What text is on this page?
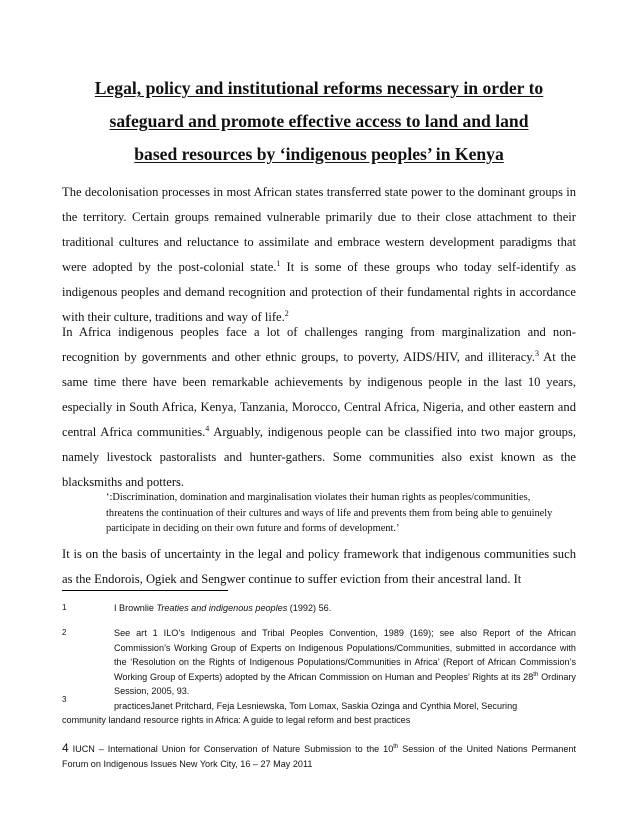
Legal, policy and institutional reforms necessary in order to
safeguard and promote effective access to land and land
based resources by ‘indigenous peoples’ in Kenya
The decolonisation processes in most African states transferred state power to the dominant groups in the territory. Certain groups remained vulnerable primarily due to their close attachment to their traditional cultures and reluctance to assimilate and embrace western development paradigms that were adopted by the post-colonial state.$^1$ It is some of these groups who today self-identify as indigenous peoples and demand recognition and protection of their fundamental rights in accordance with their culture, traditions and way of life.$^2$
In Africa indigenous peoples face a lot of challenges ranging from marginalization and non-recognition by governments and other ethnic groups, to poverty, AIDS/HIV, and illiteracy.$^3$ At the same time there have been remarkable achievements by indigenous people in the last 10 years, especially in South Africa, Kenya, Tanzania, Morocco, Central Africa, Nigeria, and other eastern and central Africa communities.$^4$ Arguably, indigenous people can be classified into two major groups, namely livestock pastoralists and hunter-gathers. Some communities also exist known as the blacksmiths and potters.
‘:Discrimination, domination and marginalisation violates their human rights as peoples/communities, threatens the continuation of their cultures and ways of life and prevents them from being able to genuinely participate in deciding on their own future and forms of development.’
It is on the basis of uncertainty in the legal and policy framework that indigenous communities such as the Endorois, Ogiek and Sengwer continue to suffer eviction from their ancestral land. It
1	I Brownlie Treaties and indigenous peoples (1992) 56.
2	See art 1 ILO’s Indigenous and Tribal Peoples Convention, 1989 (169); see also Report of the African Commission’s Working Group of Experts on Indigenous Populations/Communities, submitted in accordance with the ‘Resolution on the Rights of Indigenous Populations/Communities in Africa’ (Report of African Commission’s Working Group of Experts) adopted by the African Commission on Human and Peoples’ Rights at its 28th Ordinary Session, 2005, 93.
3
practicesJanet Pritchard, Feja Lesniewska, Tom Lomax, Saskia Ozinga and Cynthia Morel, Securing
community landand resource rights in Africa: A guide to legal reform and best practices
4 IUCN – International Union for Conservation of Nature Submission to the 10th Session of the United Nations Permanent Forum on Indigenous Issues New York City, 16 – 27 May 2011
